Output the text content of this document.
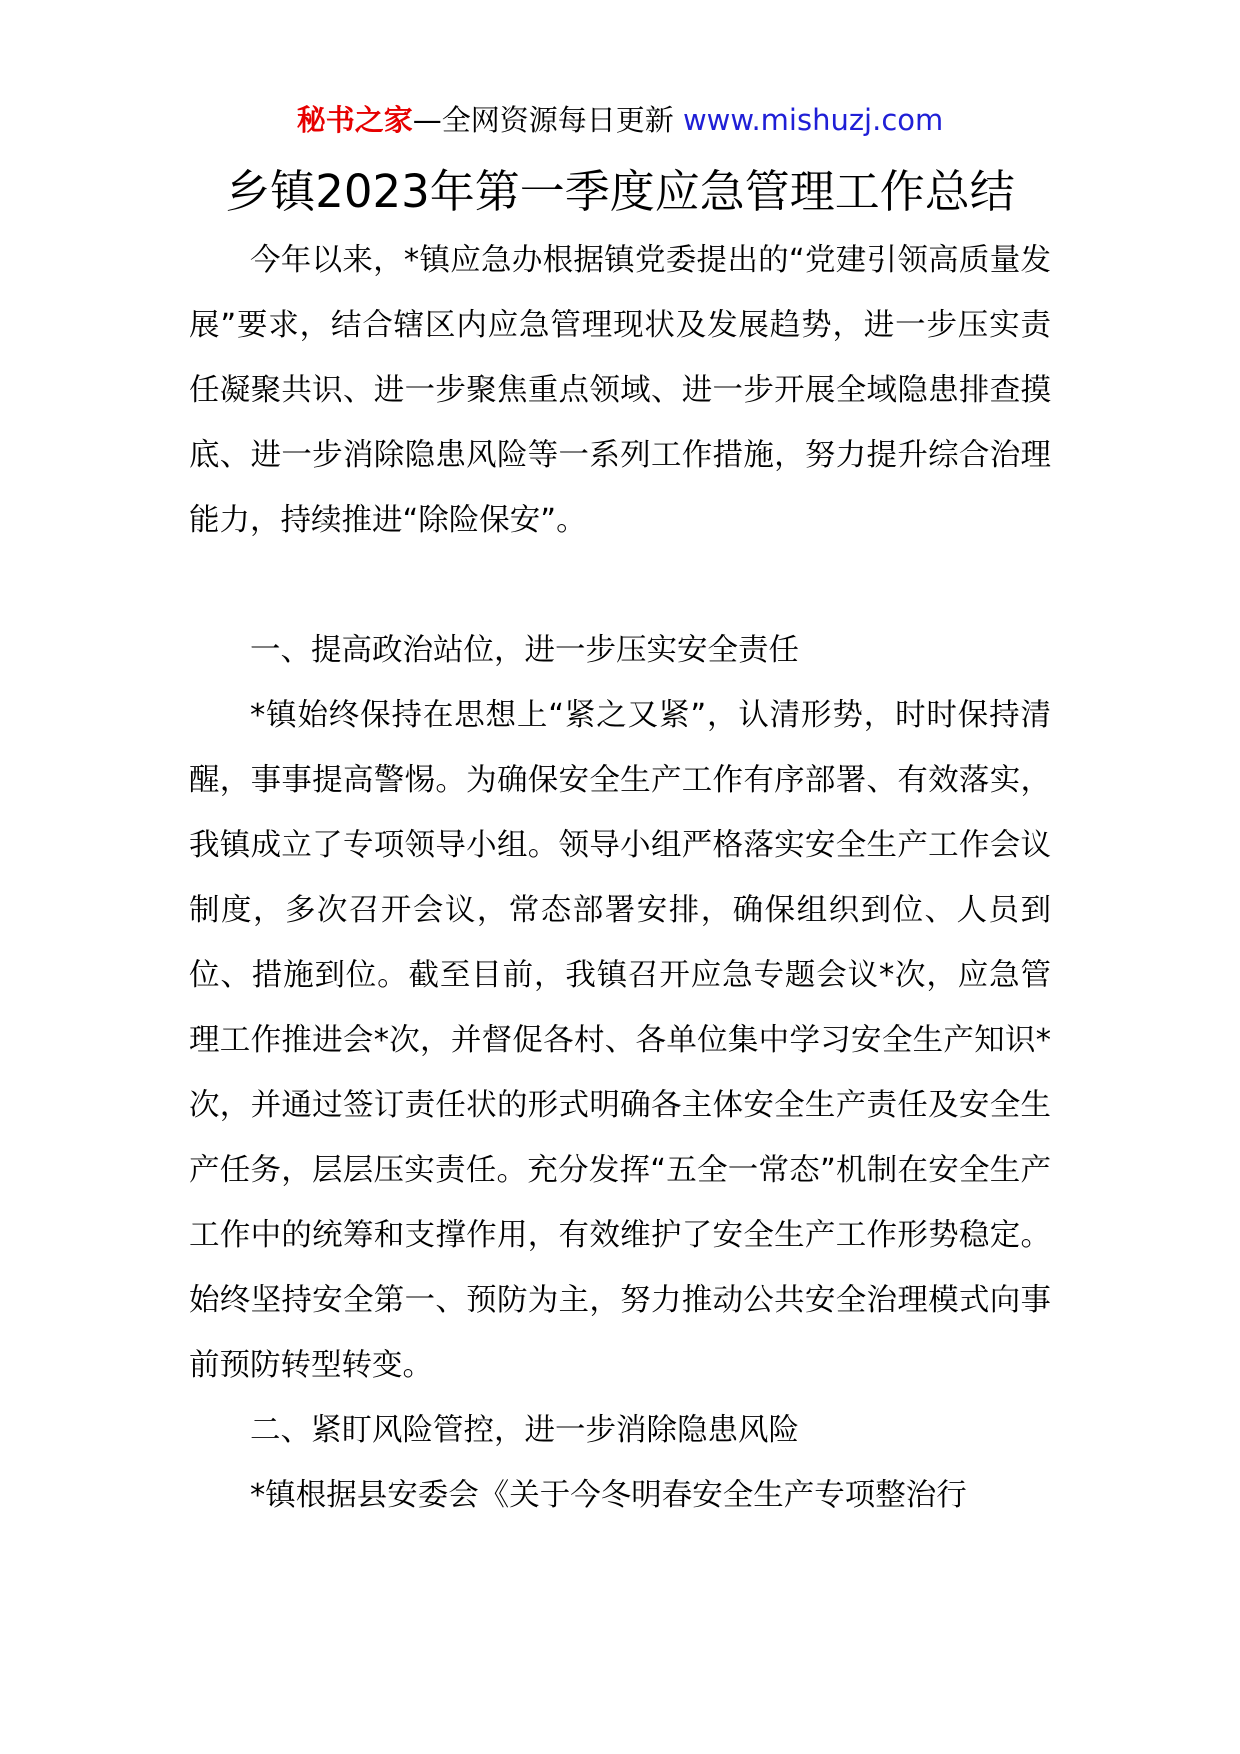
秘书之家—全网资源每日更新 www.mishuzj.com
乡镇2023年第一季度应急管理工作总结

今年以来，*镇应急办根据镇党委提出的“党建引领高质量发展”要求，结合辖区内应急管理现状及发展趋势，进一步压实责任凝聚共识、进一步聚焦重点领域、进一步开展全域隐患排查摸底、进一步消除隐患风险等一系列工作措施，努力提升综合治理能力，持续推进“除险保安”。

一、提高政治站位，进一步压实安全责任

*镇始终保持在思想上“紧之又紧”，认清形势，时时保持清醒，事事提高警惕。为确保安全生产工作有序部署、有效落实，我镇成立了专项领导小组。领导小组严格落实安全生产工作会议制度，多次召开会议，常态部署安排，确保组织到位、人员到位、措施到位。截至目前，我镇召开应急专题会议*次，应急管理工作推进会*次，并督促各村、各单位集中学习安全生产知识*次，并通过签订责任状的形式明确各主体安全生产责任及安全生产任务，层层压实责任。充分发挥“五全一常态”机制在安全生产工作中的统筹和支撑作用，有效维护了安全生产工作形势稳定。始终坚持安全第一、预防为主，努力推动公共安全治理模式向事前预防转型转变。

二、紧盯风险管控，进一步消除隐患风险

*镇根据县安委会《关于今冬明春安全生产专项整治行
